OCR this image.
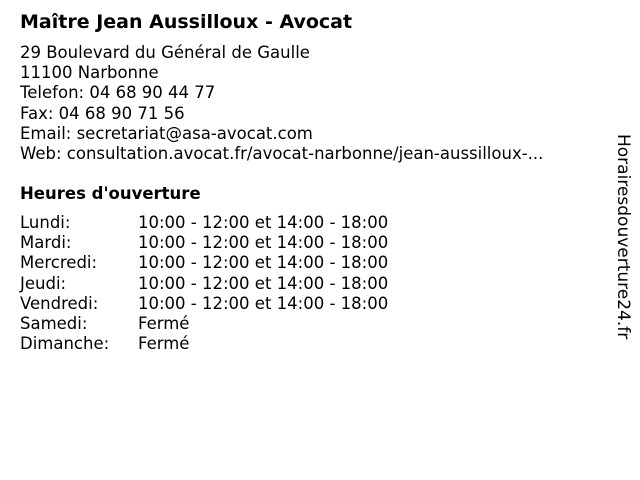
Maître Jean Aussilloux - Avocat
29 Boulevard du Général de Gaulle
11100 Narbonne
Telefon: 04 68 90 44 77
Fax: 04 68 90 71 56
Email: secretariat@asa-avocat.com
Web: consultation.avocat.fr/avocat-narbonne/jean-aussilloux-...
Heures d'ouverture
Lundi:	10:00 - 12:00 et 14:00 - 18:00
Mardi:	10:00 - 12:00 et 14:00 - 18:00
Mercredi: 10:00 - 12:00 et 14:00 - 18:00
Jeudi:	10:00 - 12:00 et 14:00 - 18:00
Vendredi: 10:00 - 12:00 et 14:00 - 18:00
Samedi:	Fermé
Dimanche: Fermé
Horairesdouverture24.fr
